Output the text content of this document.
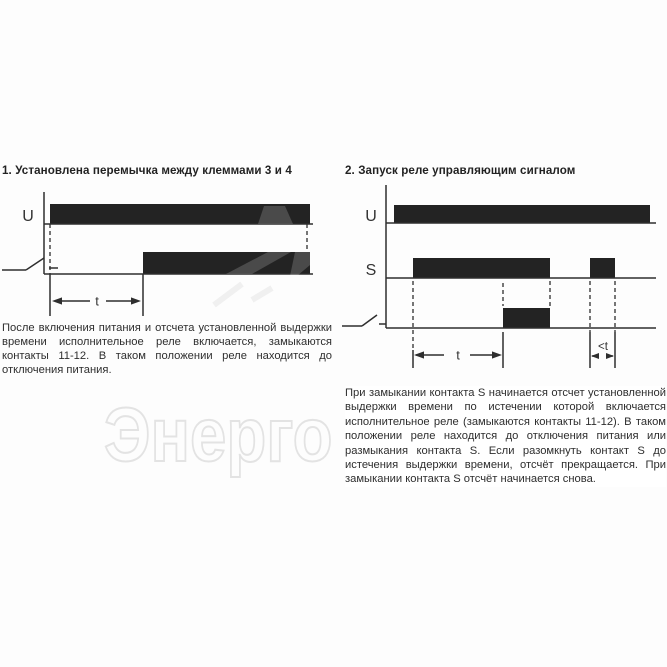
Энерго
1. Установлена перемычка между клеммами 3 и 4	2. Запуск реле управляющим сигналом
U
t
U
S
t
<t
После включения питания и отсчета установленной выдержки времени исполнительное реле включается, замыкаются контакты 11-12. В таком положении реле находится до отключения питания.
При замыкании контакта S начинается отсчет установленной выдержки времени по истечении которой включается исполнительное реле (замыкаются контакты 11-12). В таком положении реле находится до отключения питания или размыкания контакта S. Если разомкнуть контакт S до истечения выдержки времени, отсчёт прекращается. При замыкании контакта S отсчёт начинается снова.
